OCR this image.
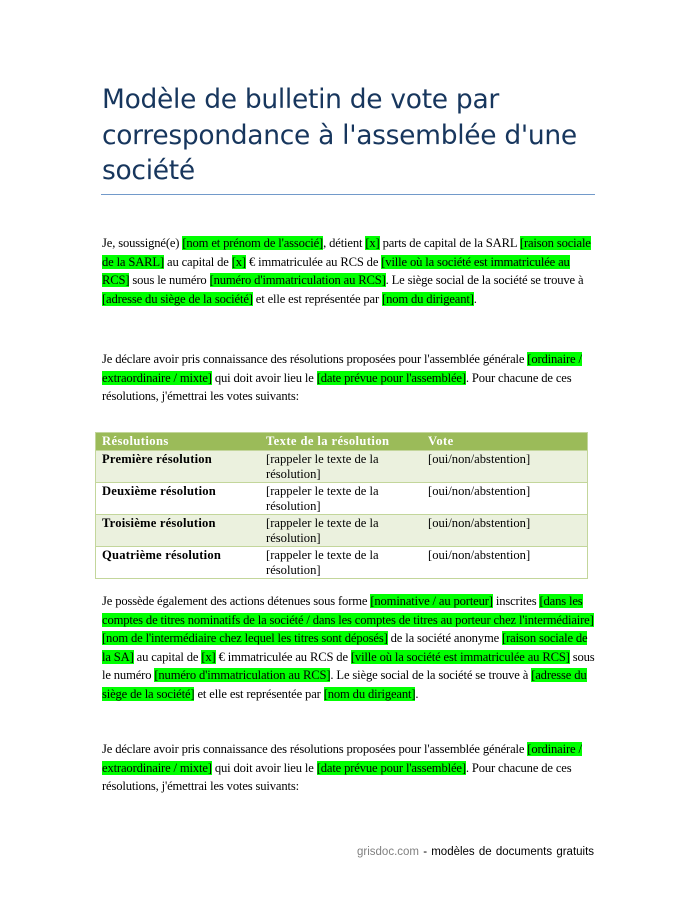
Modèle de bulletin de vote par
correspondance à l'assemblée d'une
société
Je, soussigné(e) [nom et prénom de l'associé], détient [x] parts de capital de la SARL [raison sociale de la SARL] au capital de [x] € immatriculée au RCS de [ville où la société est immatriculée au RCS] sous le numéro [numéro d'immatriculation au RCS]. Le siège social de la société se trouve à [adresse du siège de la société] et elle est représentée par [nom du dirigeant].
Je déclare avoir pris connaissance des résolutions proposées pour l'assemblée générale [ordinaire / extraordinaire / mixte] qui doit avoir lieu le [date prévue pour l'assemblée]. Pour chacune de ces résolutions, j'émettrai les votes suivants:
Résolutions	Texte de la résolution	Vote
Première résolution	[rappeler le texte de la résolution]	[oui/non/abstention]
Deuxième résolution	[rappeler le texte de la résolution]	[oui/non/abstention]
Troisième résolution	[rappeler le texte de la résolution]	[oui/non/abstention]
Quatrième résolution	[rappeler le texte de la résolution]	[oui/non/abstention]
Je possède également des actions détenues sous forme [nominative / au porteur] inscrites [dans les comptes de titres nominatifs de la société / dans les comptes de titres au porteur chez l'intermédiaire] [nom de l'intermédiaire chez lequel les titres sont déposés] de la société anonyme [raison sociale de la SA] au capital de [x] € immatriculée au RCS de [ville où la société est immatriculée au RCS] sous le numéro [numéro d'immatriculation au RCS]. Le siège social de la société se trouve à [adresse du siège de la société] et elle est représentée par [nom du dirigeant].
Je déclare avoir pris connaissance des résolutions proposées pour l'assemblée générale [ordinaire / extraordinaire / mixte] qui doit avoir lieu le [date prévue pour l'assemblée]. Pour chacune de ces résolutions, j'émettrai les votes suivants:
grisdoc.com - modèles de documents gratuits
